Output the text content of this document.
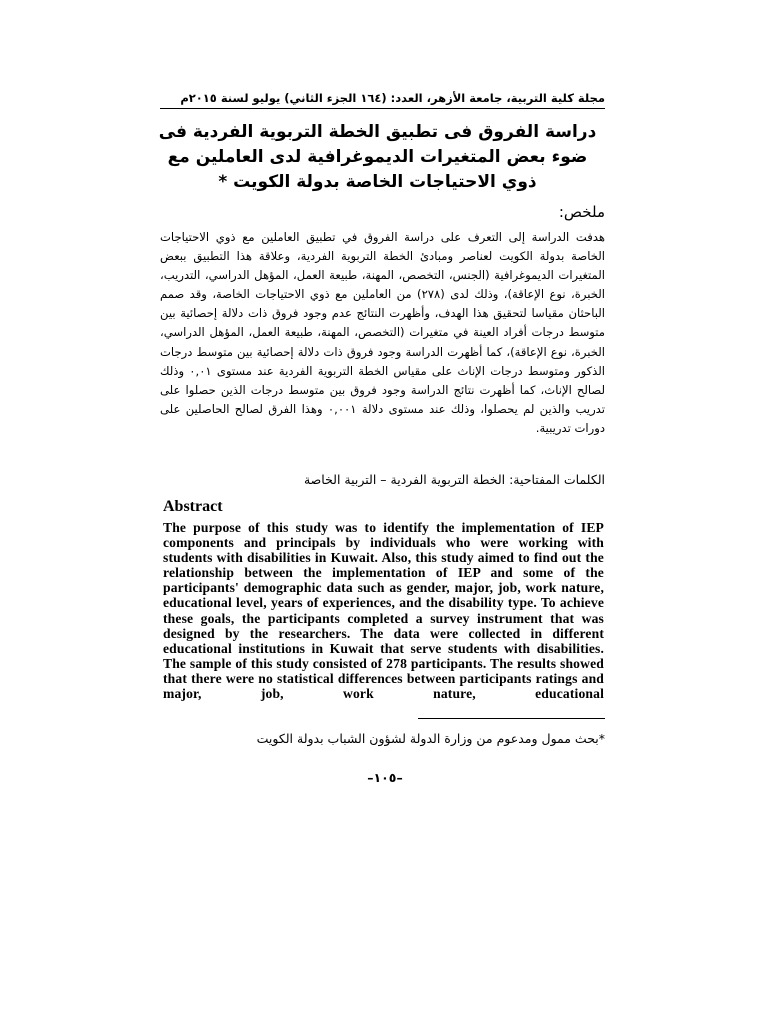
مجلة كلية التربية، جامعة الأزهر، العدد: (١٦٤ الجزء الثاني) يوليو لسنة ٢٠١٥م
دراسة الفروق فى تطبيق الخطة التربوية الفردية فى ضوء بعض المتغيرات الديموغرافية لدى العاملين مع ذوي الاحتياجات الخاصة بدولة الكويت *
ملخص:
هدفت الدراسة إلى التعرف على دراسة الفروق في تطبيق العاملين مع ذوي الاحتياجات الخاصة بدولة الكويت لعناصر ومبادئ الخطة التربوية الفردية، وعلاقة هذا التطبيق ببعض المتغيرات الديموغرافية (الجنس، التخصص، المهنة، طبيعة العمل، المؤهل الدراسي، التدريب، الخبرة، نوع الإعاقة)، وذلك لدى (٢٧٨) من العاملين مع ذوي الاحتياجات الخاصة، وقد صمم الباحثان مقياسا لتحقيق هذا الهدف، وأظهرت النتائج عدم وجود فروق ذات دلالة إحصائية بين متوسط درجات أفراد العينة في متغيرات (التخصص، المهنة، طبيعة العمل، المؤهل الدراسي، الخبرة، نوع الإعاقة)، كما أظهرت الدراسة وجود فروق ذات دلالة إحصائية بين متوسط درجات الذكور ومتوسط درجات الإناث على مقياس الخطة التربوية الفردية عند مستوى ٠,٠١ وذلك لصالح الإناث، كما أظهرت نتائج الدراسة وجود فروق بين متوسط درجات الذين حصلوا على تدريب والذين لم يحصلوا، وذلك عند مستوى دلالة ٠,٠٠١ وهذا الفرق لصالح الحاصلين على دورات تدريبية.
الكلمات المفتاحية: الخطة التربوية الفردية – التربية الخاصة
Abstract
The purpose of this study was to identify the implementation of IEP components and principals by individuals who were working with students with disabilities in Kuwait. Also, this study aimed to find out the relationship between the implementation of IEP and some of the participants' demographic data such as gender, major, job, work nature, educational level, years of experiences, and the disability type. To achieve these goals, the participants completed a survey instrument that was designed by the researchers. The data were collected in different educational institutions in Kuwait that serve students with disabilities. The sample of this study consisted of 278 participants. The results showed that there were no statistical differences between participants ratings and major, job, work nature, educational
*بحث ممول ومدعوم من وزارة الدولة لشؤون الشباب بدولة الكويت
–١٠٥–
